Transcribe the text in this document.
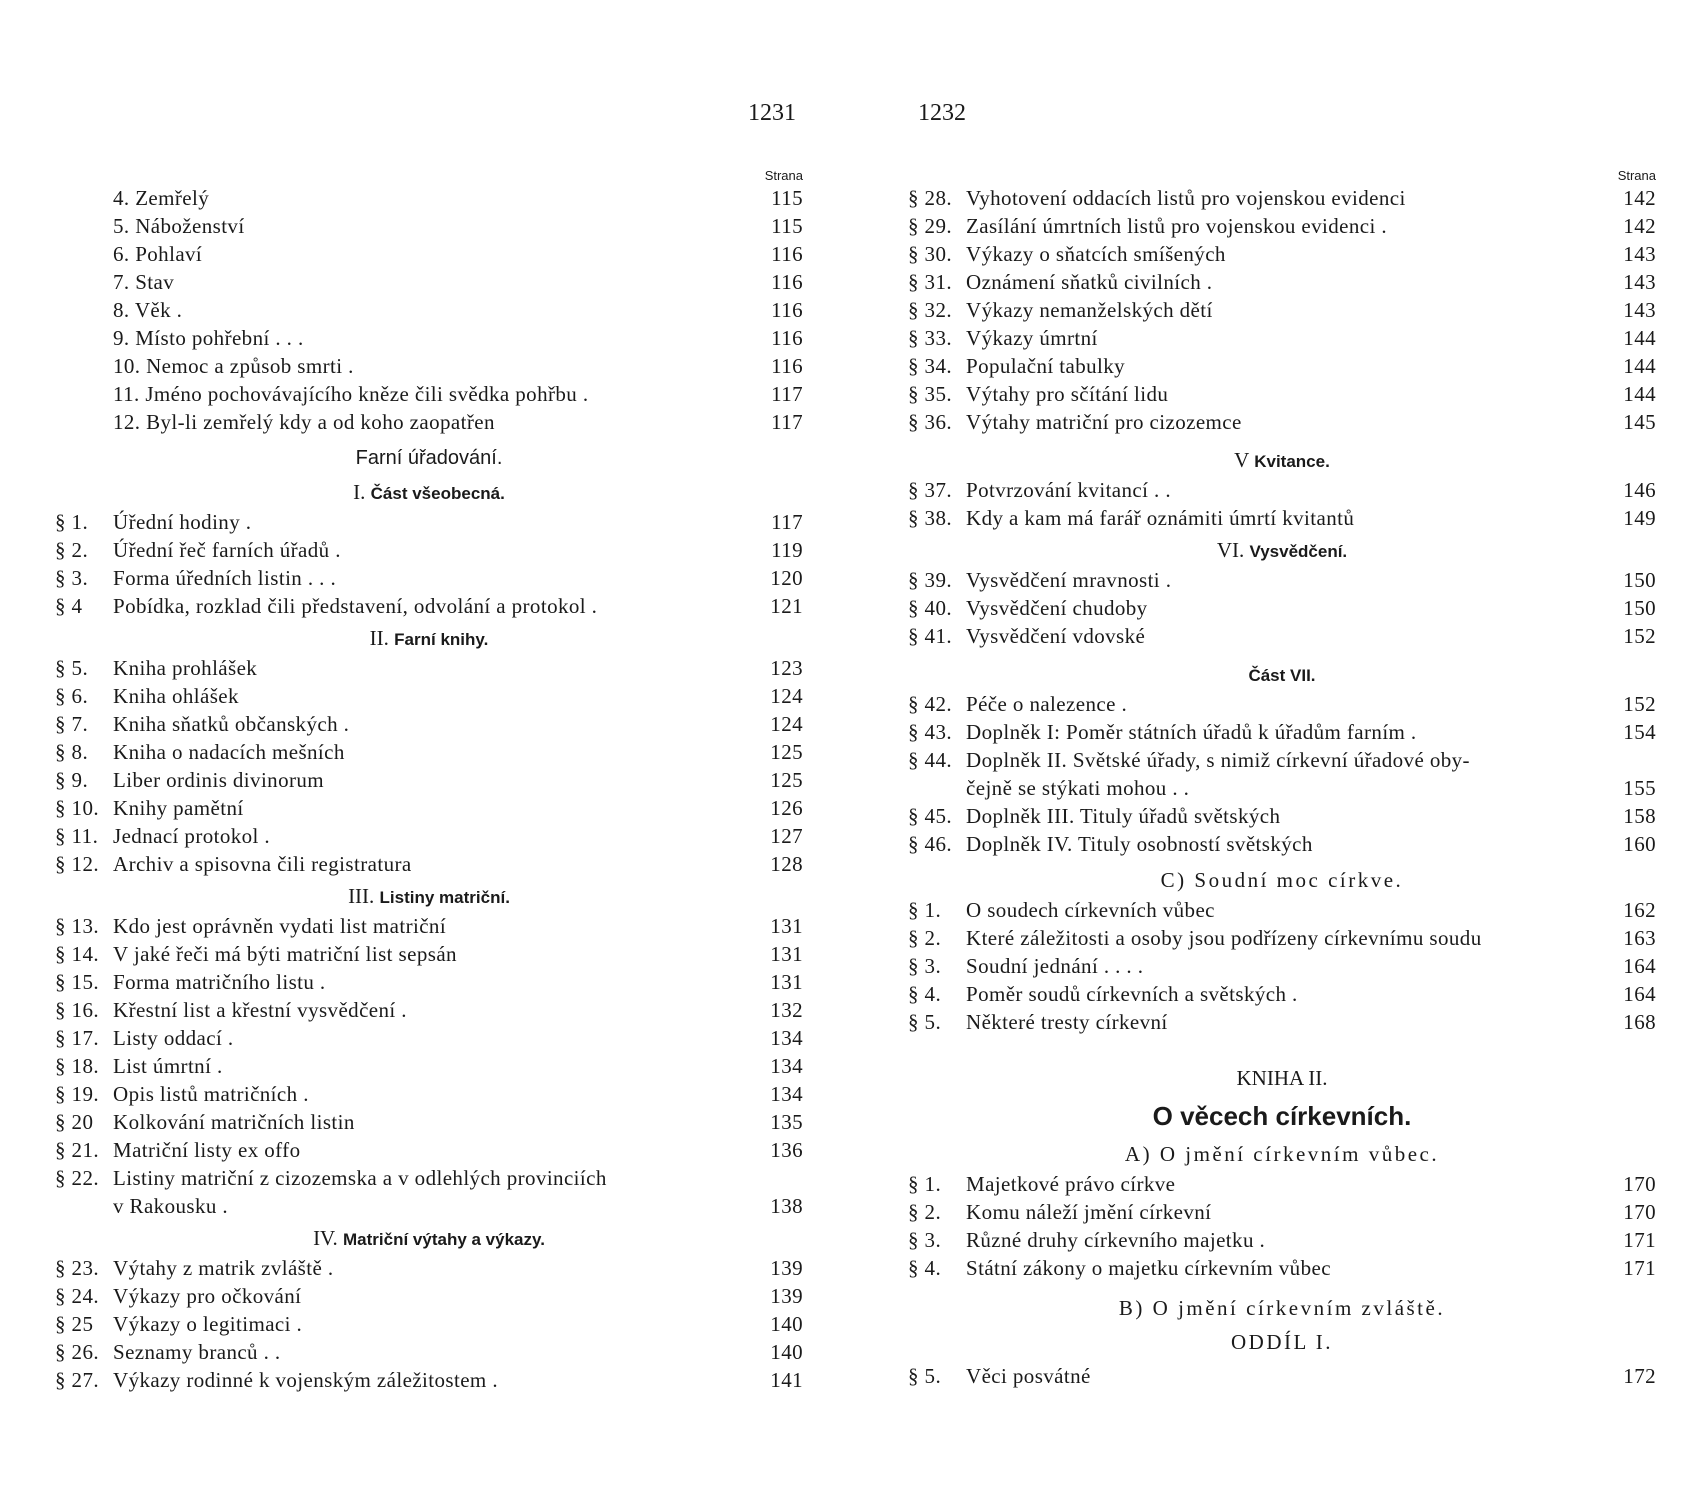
1231	1232
Strana
4. Zemřelý	115
5. Náboženství	115
6. Pohlaví	116
7. Stav	116
8. Věk .	116
9. Místo pohřební . . .	116
10. Nemoc a způsob smrti .	116
11. Jméno pochovávajícího kněze čili svědka pohřbu .	117
12. Byl-li zemřelý kdy a od koho zaopatřen	117
Farní úřadování.
I. Část všeobecná.
§ 1.	Úřední hodiny .	117
§ 2.	Úřední řeč farních úřadů .	119
§ 3.	Forma úředních listin . . .	120
§ 4	Pobídka, rozklad čili představení, odvolání a protokol .	121
II. Farní knihy.
§ 5.	Kniha prohlášek	123
§ 6.	Kniha ohlášek	124
§ 7.	Kniha sňatků občanských .	124
§ 8.	Kniha o nadacích mešních	125
§ 9.	Liber ordinis divinorum	125
§ 10. Knihy pamětní	126
§ 11. Jednací protokol .	127
§ 12. Archiv a spisovna čili registratura	128
III. Listiny matriční.
§ 13. Kdo jest oprávněn vydati list matriční	131
§ 14. V jaké řeči má býti matriční list sepsán	131
§ 15. Forma matričního listu .	131
§ 16. Křestní list a křestní vysvědčení .	132
§ 17. Listy oddací .	134
§ 18. List úmrtní .	134
§ 19. Opis listů matričních .	134
§ 20 Kolkování matričních listin	135
§ 21. Matriční listy ex offo	136
§ 22. Listiny matriční z cizozemska a v odlehlých provinciích
v Rakousku .	138
IV. Matriční výtahy a výkazy.
§ 23. Výtahy z matrik zvláště .	139
§ 24. Výkazy pro očkování	139
§ 25 Výkazy o legitimaci .	140
§ 26. Seznamy branců . .	140
§ 27. Výkazy rodinné k vojenským záležitostem .	141
Strana
§ 28. Vyhotovení oddacích listů pro vojenskou evidenci	142
§ 29. Zasílání úmrtních listů pro vojenskou evidenci .	142
§ 30. Výkazy o sňatcích smíšených	143
§ 31. Oznámení sňatků civilních .	143
§ 32. Výkazy nemanželských dětí	143
§ 33. Výkazy úmrtní	144
§ 34. Populační tabulky	144
§ 35. Výtahy pro sčítání lidu	144
§ 36. Výtahy matriční pro cizozemce	145
V Kvitance.
§ 37. Potvrzování kvitancí . .	146
§ 38. Kdy a kam má farář oznámiti úmrtí kvitantů	149
VI. Vysvědčení.
§ 39. Vysvědčení mravnosti .	150
§ 40. Vysvědčení chudoby	150
§ 41. Vysvědčení vdovské	152
Část VII.
§ 42. Péče o nalezence .	152
§ 43. Doplněk I: Poměr státních úřadů k úřadům farním .	154
§ 44. Doplněk II. Světské úřady, s nimiž církevní úřadové oby-
čejně se stýkati mohou . .	155
§ 45. Doplněk III. Tituly úřadů světských	158
§ 46. Doplněk IV. Tituly osobností světských	160
C) Soudní moc církve.
§ 1.	O soudech církevních vůbec	162
§ 2.	Které záležitosti a osoby jsou podřízeny církevnímu soudu	163
§ 3.	Soudní jednání . . . .	164
§ 4.	Poměr soudů církevních a světských .	164
§ 5.	Některé tresty církevní	168
KNIHA II.
O věcech církevních.
A) O jmění církevním vůbec.
§ 1.	Majetkové právo církve	170
§ 2.	Komu náleží jmění církevní	170
§ 3.	Různé druhy církevního majetku .	171
§ 4.	Státní zákony o majetku církevním vůbec	171
B) O jmění církevním zvláště.
ODDÍL I.
§ 5.	Věci posvátné	172
